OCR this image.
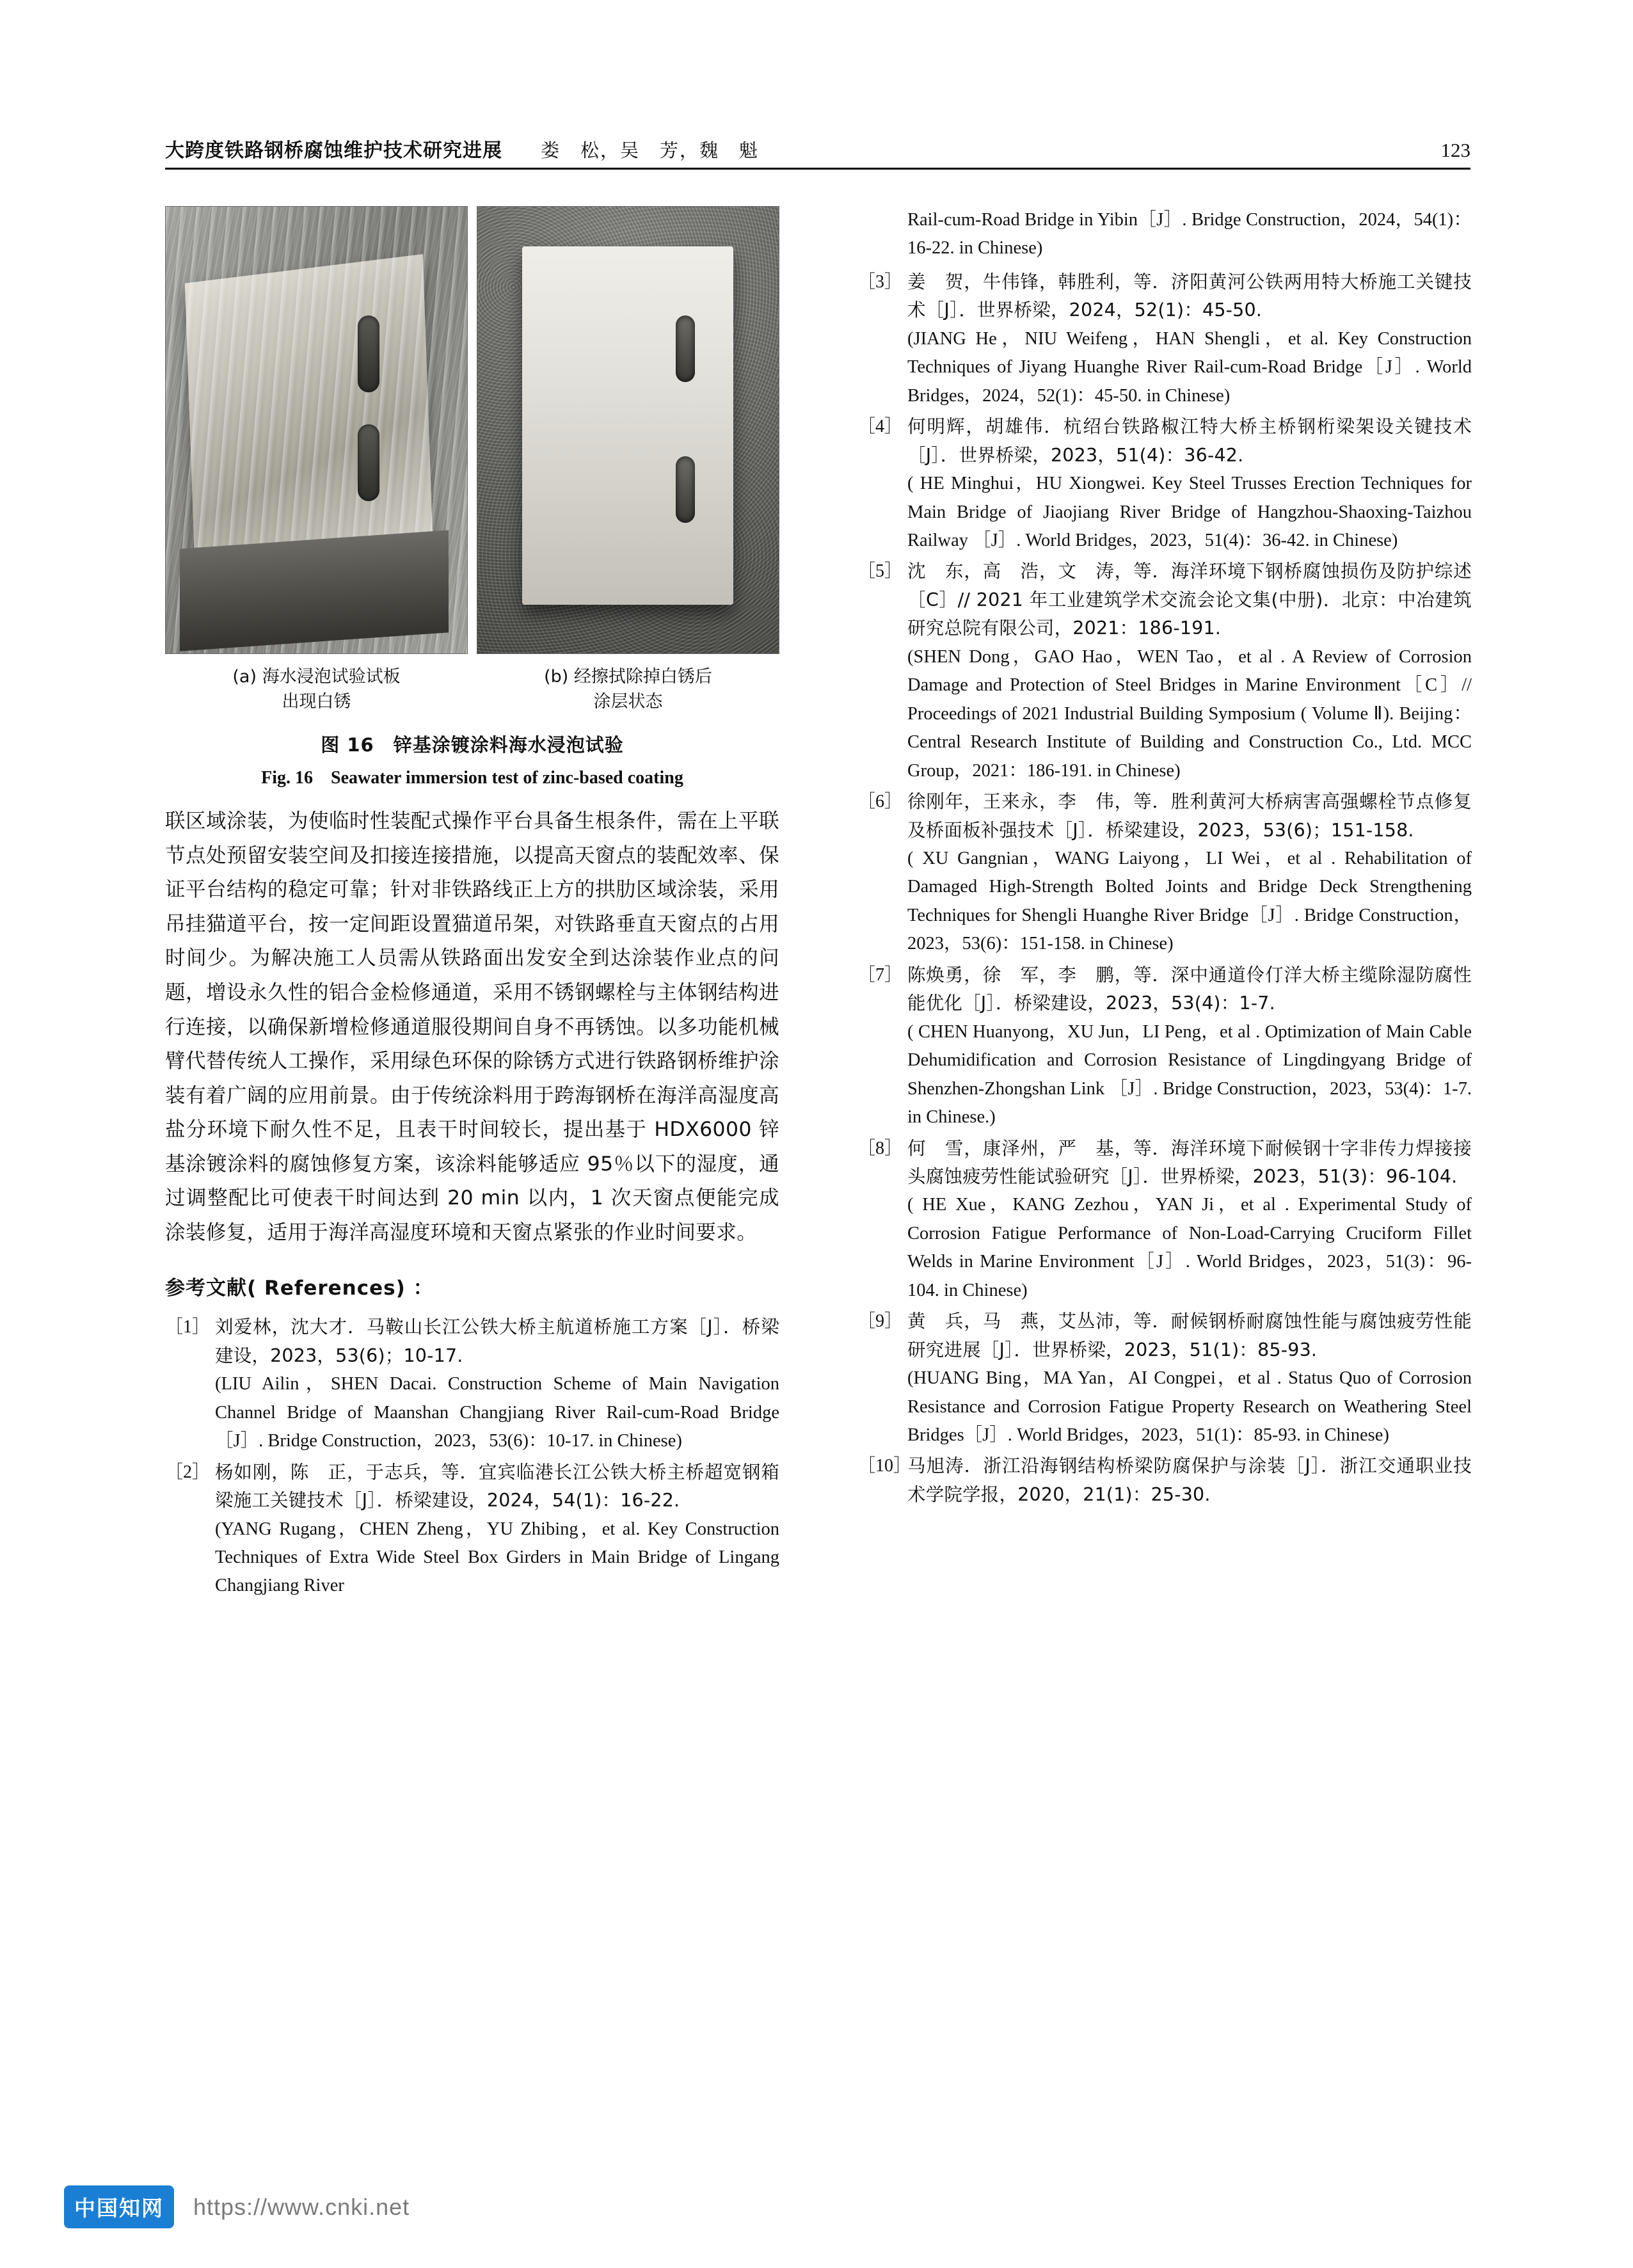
大跨度铁路钢桥腐蚀维护技术研究进展 娄　松，吴　芳，魏　魁	123
(a) 海水浸泡试验试板
出现白锈
(b) 经擦拭除掉白锈后
涂层状态
图 16　锌基涂镀涂料海水浸泡试验
Fig. 16　Seawater immersion test of zinc-based coating
联区域涂装，为使临时性装配式操作平台具备生根条件，需在上平联节点处预留安装空间及扣接连接措施，以提高天窗点的装配效率、保证平台结构的稳定可靠；针对非铁路线正上方的拱肋区域涂装，采用吊挂猫道平台，按一定间距设置猫道吊架，对铁路垂直天窗点的占用时间少。为解决施工人员需从铁路面出发安全到达涂装作业点的问题，增设永久性的铝合金检修通道，采用不锈钢螺栓与主体钢结构进行连接，以确保新增检修通道服役期间自身不再锈蚀。以多功能机械臂代替传统人工操作，采用绿色环保的除锈方式进行铁路钢桥维护涂装有着广阔的应用前景。由于传统涂料用于跨海钢桥在海洋高湿度高盐分环境下耐久性不足，且表干时间较长，提出基于 HDX6000 锌基涂镀涂料的腐蚀修复方案，该涂料能够适应 95％以下的湿度，通过调整配比可使表干时间达到 20 min 以内，1 次天窗点便能完成涂装修复，适用于海洋高湿度环境和天窗点紧张的作业时间要求。
参考文献( References) ：
［1］ 刘爱林，沈大才．马鞍山长江公铁大桥主航道桥施工方案［J］．桥梁建设，2023，53(6)；10-17.
(LIU Ailin，SHEN Dacai. Construction Scheme of Main Navigation Channel Bridge of Maanshan Changjiang River Rail-cum-Road Bridge ［J］. Bridge Construction，2023，53(6)：10-17. in Chinese)
［2］ 杨如刚，陈　正，于志兵，等．宜宾临港长江公铁大桥主桥超宽钢箱梁施工关键技术［J］．桥梁建设，2024，54(1)：16-22.
(YANG Rugang，CHEN Zheng，YU Zhibing，et al. Key Construction Techniques of Extra Wide Steel Box Girders in Main Bridge of Lingang Changjiang River
Rail-cum-Road Bridge in Yibin［J］. Bridge Construction，2024，54(1)：16-22. in Chinese)
［3］ 姜　贺，牛伟锋，韩胜利，等．济阳黄河公铁两用特大桥施工关键技术［J］．世界桥梁，2024，52(1)：45-50.
(JIANG He，NIU Weifeng，HAN Shengli，et al. Key Construction Techniques of Jiyang Huanghe River Rail-cum-Road Bridge［J］. World Bridges，2024，52(1)：45-50. in Chinese)
［4］ 何明辉，胡雄伟．杭绍台铁路椒江特大桥主桥钢桁梁架设关键技术［J］．世界桥梁，2023，51(4)：36-42.
( HE Minghui，HU Xiongwei. Key Steel Trusses Erection Techniques for Main Bridge of Jiaojiang River Bridge of Hangzhou-Shaoxing-Taizhou Railway ［J］. World Bridges，2023，51(4)：36-42. in Chinese)
［5］ 沈　东，高　浩，文　涛，等．海洋环境下钢桥腐蚀损伤及防护综述［C］// 2021 年工业建筑学术交流会论文集(中册)．北京：中冶建筑研究总院有限公司，2021：186-191.
(SHEN Dong，GAO Hao，WEN Tao，et al . A Review of Corrosion Damage and Protection of Steel Bridges in Marine Environment［C］// Proceedings of 2021 Industrial Building Symposium ( Volume Ⅱ). Beijing：Central Research Institute of Building and Construction Co., Ltd. MCC Group，2021：186-191. in Chinese)
［6］ 徐刚年，王来永，李　伟，等．胜利黄河大桥病害高强螺栓节点修复及桥面板补强技术［J］．桥梁建设，2023，53(6)；151-158.
( XU Gangnian，WANG Laiyong，LI Wei，et al . Rehabilitation of Damaged High-Strength Bolted Joints and Bridge Deck Strengthening Techniques for Shengli Huanghe River Bridge［J］. Bridge Construction，2023，53(6)：151-158. in Chinese)
［7］ 陈焕勇，徐　军，李　鹏，等．深中通道伶仃洋大桥主缆除湿防腐性能优化［J］．桥梁建设，2023，53(4)：1-7.
( CHEN Huanyong，XU Jun，LI Peng，et al . Optimization of Main Cable Dehumidification and Corrosion Resistance of Lingdingyang Bridge of Shenzhen-Zhongshan Link ［J］. Bridge Construction，2023，53(4)：1-7. in Chinese.)
［8］ 何　雪，康泽州，严　基，等．海洋环境下耐候钢十字非传力焊接接头腐蚀疲劳性能试验研究［J］．世界桥梁，2023，51(3)：96-104.
( HE Xue，KANG Zezhou，YAN Ji，et al . Experimental Study of Corrosion Fatigue Performance of Non-Load-Carrying Cruciform Fillet Welds in Marine Environment［J］. World Bridges，2023，51(3)：96-104. in Chinese)
［9］ 黄　兵，马　燕，艾丛沛，等．耐候钢桥耐腐蚀性能与腐蚀疲劳性能研究进展［J］．世界桥梁，2023，51(1)：85-93.
(HUANG Bing，MA Yan，AI Congpei，et al . Status Quo of Corrosion Resistance and Corrosion Fatigue Property Research on Weathering Steel Bridges［J］. World Bridges，2023，51(1)：85-93. in Chinese)
［10］
马旭涛．浙江沿海钢结构桥梁防腐保护与涂装［J］．浙江交通职业技术学院学报，2020，21(1)：25-30.
中国知网	https://www.cnki.net
